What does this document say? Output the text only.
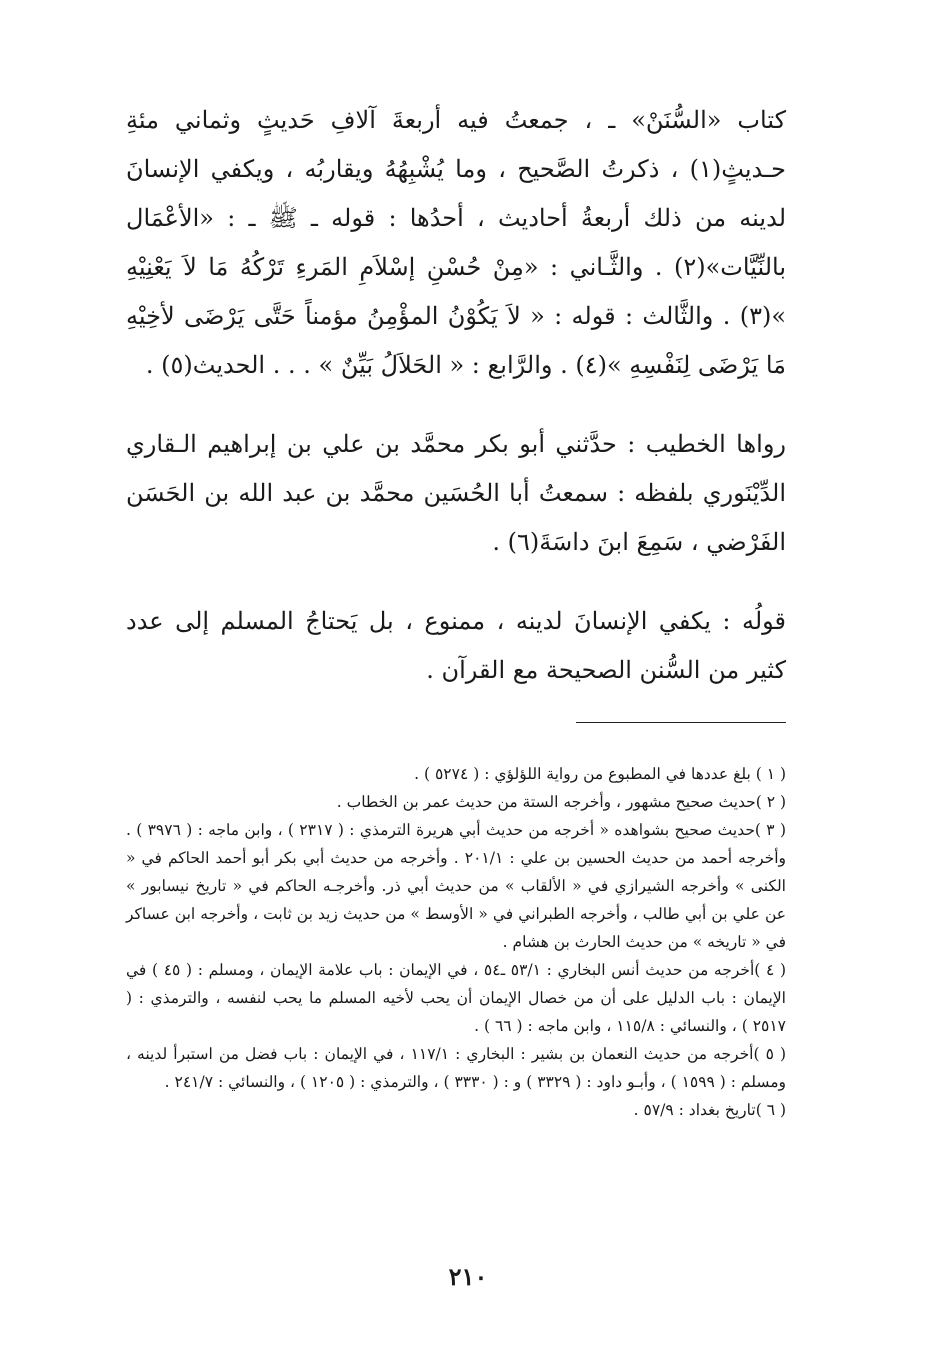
كتاب «السُّنَنْ» ـ ، جمعتُ فيه أربعةَ آلافِ حَديثٍ وثماني مئةِ حـديثٍ(١) ، ذكرتُ الصَّحيح ، وما يُشْبِهُهُ ويقاربُه ، ويكفي الإنسانَ لدينه من ذلك أربعةُ أحاديث ، أحدُها : قوله ـ ﷺ ـ : «الأعْمَال بالنِّيَّات»(٢) . والثَّـاني : «مِنْ حُسْنِ إسْلاَمِ المَرءِ تَرْكُهُ مَا لاَ يَعْنِيْهِ »(٣) . والثَّالث : قوله : « لاَ يَكُوْنُ المؤْمِنُ مؤمناً حَتَّى يَرْضَى لأخِيْهِ مَا يَرْضَى لِنَفْسِهِ »(٤) . والرَّابع : « الحَلاَلُ بَيِّنٌ » . . . الحديث(٥) .

رواها الخطيب : حدَّثني أبو بكر محمَّد بن علي بن إبراهيم الـقاري الدِّيْنَوري بلفظه : سمعتُ أبا الحُسَين محمَّد بن عبد الله بن الحَسَن الفَرْضي ، سَمِعَ ابنَ داسَةَ(٦) .

قولُه : يكفي الإنسانَ لدينه ، ممنوع ، بل يَحتاجُ المسلم إلى عدد كثير من السُّنن الصحيحة مع القرآن .

( ١ ) بلغ عددها في المطبوع من رواية اللؤلؤي : ( ٥٢٧٤ ) .
( ٢ )حديث صحيح مشهور ، وأخرجه الستة من حديث عمر بن الخطاب .
( ٣ )حديث صحيح بشواهده « أخرجه من حديث أبي هريرة الترمذي : ( ٢٣١٧ ) ، وابن ماجه : ( ٣٩٧٦ ) . وأخرجه أحمد من حديث الحسين بن علي : ٢٠١/١ . وأخرجه من حديث أبي بكر أبو أحمد الحاكم في « الكنى » وأخرجه الشيرازي في « الألقاب » من حديث أبي ذر. وأخرجـه الحاكم في « تاريخ نيسابور » عن علي بن أبي طالب ، وأخرجه الطبراني في « الأوسط » من حديث زيد بن ثابت ، وأخرجه ابن عساكر في « تاريخه » من حديث الحارث بن هشام .
( ٤ )أخرجه من حديث أنس البخاري : ٥٣/١ ـ٥٤ ، في الإيمان : باب علامة الإيمان ، ومسلم : ( ٤٥ ) في الإيمان : باب الدليل على أن من خصال الإيمان أن يحب لأخيه المسلم ما يحب لنفسه ، والترمذي : ( ٢٥١٧ ) ، والنسائي : ١١٥/٨ ، وابن ماجه : ( ٦٦ ) .
( ٥ )أخرجه من حديث النعمان بن بشير : البخاري : ١١٧/١ ، في الإيمان : باب فضل من استبرأ لدينه ، ومسلم : ( ١٥٩٩ ) ، وأبـو داود : ( ٣٣٢٩ ) و : ( ٣٣٣٠ ) ، والترمذي : ( ١٢٠٥ ) ، والنسائي : ٢٤١/٧ .
( ٦ )تاريخ بغداد : ٥٧/٩ .
٢١٠
